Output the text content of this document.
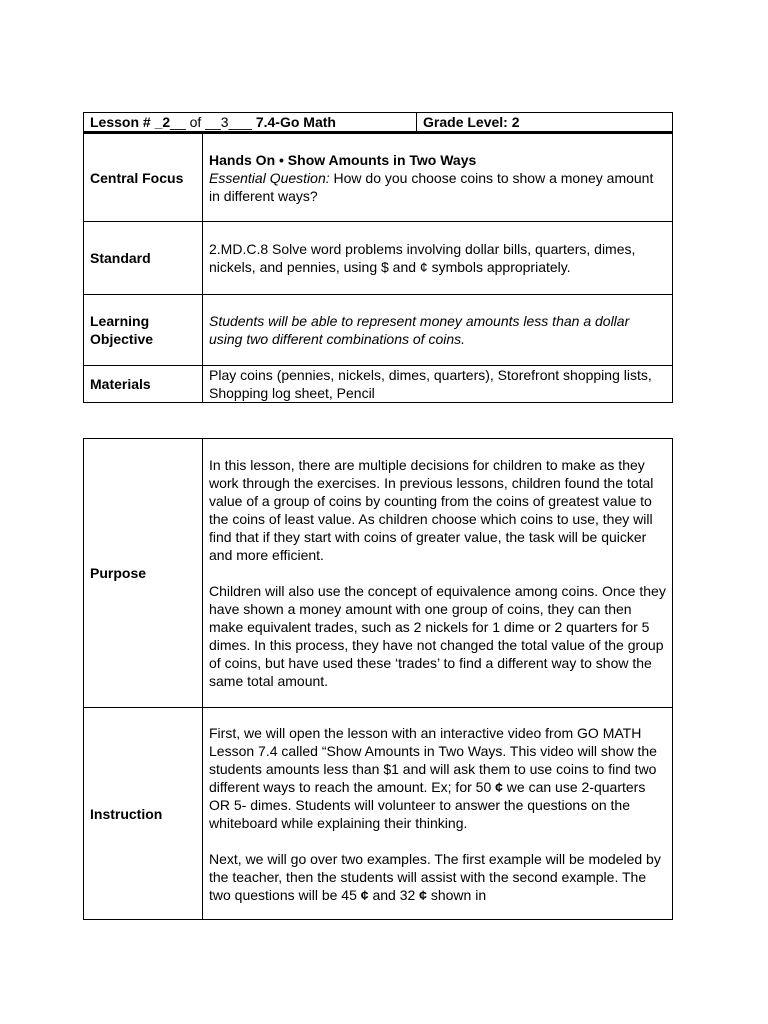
Lesson # _2__ of __3___ 7.4-Go Math		Grade Level: 2
Central Focus	Hands On • Show Amounts in Two Ways
Essential Question: How do you choose coins to show a money amount in different ways?	

Standard	2.MD.C.8 Solve word problems involving dollar bills, quarters, dimes, nickels, and pennies, using $ and ¢ symbols appropriately.	

Learning
Objective	Students will be able to represent money amounts less than a dollar using two different combinations of coins.	
Materials	Play coins (pennies, nickels, dimes, quarters), Storefront shopping lists, Shopping log sheet, Pencil	
Purpose	In this lesson, there are multiple decisions for children to make as they work through the exercises. In previous lessons, children found the total value of a group of coins by counting from the coins of greatest value to the coins of least value. As children choose which coins to use, they will find that if they start with coins of greater value, the task will be quicker and more efficient.

Children will also use the concept of equivalence among coins. Once they have shown a money amount with one group of coins, they can then make equivalent trades, such as 2 nickels for 1 dime or 2 quarters for 5 dimes. In this process, they have not changed the total value of the group of coins, but have used these ‘trades’ to find a different way to show the same total amount.

Instruction	First, we will open the lesson with an interactive video from GO MATH Lesson 7.4 called “Show Amounts in Two Ways. This video will show the students amounts less than $1 and will ask them to use coins to find two different ways to reach the amount. Ex; for 50 ¢ we can use 2-quarters OR 5- dimes. Students will volunteer to answer the questions on the whiteboard while explaining their thinking.

Next, we will go over two examples. The first example will be modeled by the teacher, then the students will assist with the second example. The two questions will be 45 ¢ and 32 ¢ shown in
